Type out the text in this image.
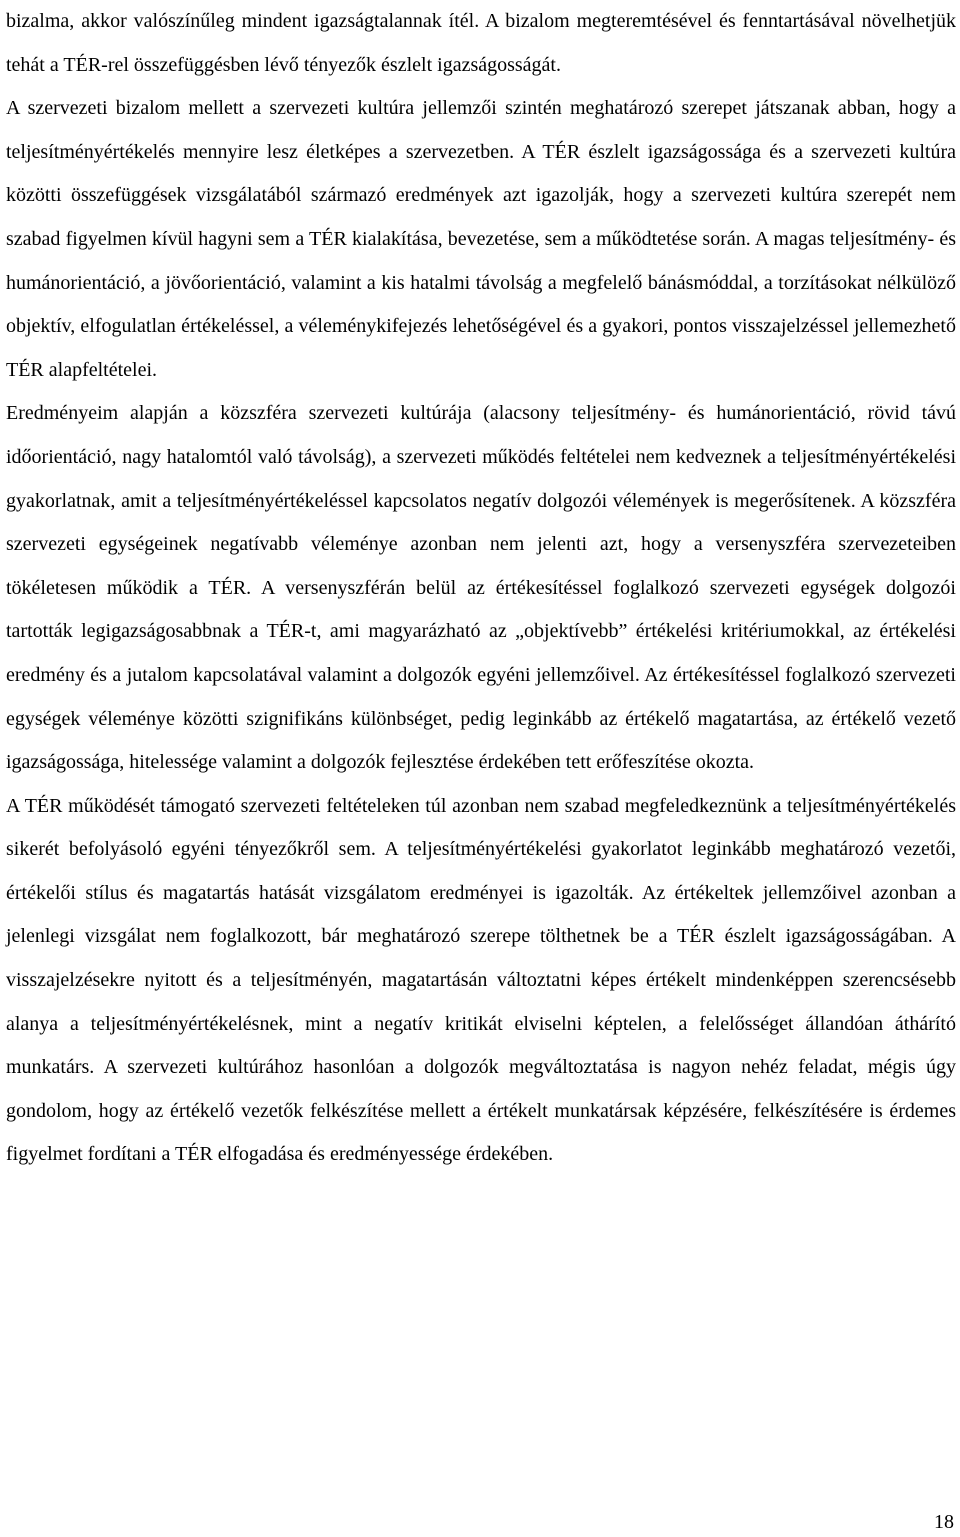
bizalma, akkor valószínűleg mindent igazságtalannak ítél. A bizalom megteremtésével és fenntartásával növelhetjük tehát a TÉR-rel összefüggésben lévő tényezők észlelt igazságosságát.

A szervezeti bizalom mellett a szervezeti kultúra jellemzői szintén meghatározó szerepet játszanak abban, hogy a teljesítményértékelés mennyire lesz életképes a szervezetben. A TÉR észlelt igazságossága és a szervezeti kultúra közötti összefüggések vizsgálatából származó eredmények azt igazolják, hogy a szervezeti kultúra szerepét nem szabad figyelmen kívül hagyni sem a TÉR kialakítása, bevezetése, sem a működtetése során. A magas teljesítmény- és humánorientáció, a jövőorientáció, valamint a kis hatalmi távolság a megfelelő bánásmóddal, a torzításokat nélkülöző objektív, elfogulatlan értékeléssel, a véleménykifejezés lehetőségével és a gyakori, pontos visszajelzéssel jellemezhető TÉR alapfeltételei.

Eredményeim alapján a közszféra szervezeti kultúrája (alacsony teljesítmény- és humánorientáció, rövid távú időorientáció, nagy hatalomtól való távolság), a szervezeti működés feltételei nem kedveznek a teljesítményértékelési gyakorlatnak, amit a teljesítményértékeléssel kapcsolatos negatív dolgozói vélemények is megerősítenek. A közszféra szervezeti egységeinek negatívabb véleménye azonban nem jelenti azt, hogy a versenyszféra szervezeteiben tökéletesen működik a TÉR. A versenyszférán belül az értékesítéssel foglalkozó szervezeti egységek dolgozói tartották legigazságosabbnak a TÉR-t, ami magyarázható az „objektívebb” értékelési kritériumokkal, az értékelési eredmény és a jutalom kapcsolatával valamint a dolgozók egyéni jellemzőivel. Az értékesítéssel foglalkozó szervezeti egységek véleménye közötti szignifikáns különbséget, pedig leginkább az értékelő magatartása, az értékelő vezető igazságossága, hitelessége valamint a dolgozók fejlesztése érdekében tett erőfeszítése okozta.

A TÉR működését támogató szervezeti feltételeken túl azonban nem szabad megfeledkeznünk a teljesítményértékelés sikerét befolyásoló egyéni tényezőkről sem. A teljesítményértékelési gyakorlatot leginkább meghatározó vezetői, értékelői stílus és magatartás hatását vizsgálatom eredményei is igazolták. Az értékeltek jellemzőivel azonban a jelenlegi vizsgálat nem foglalkozott, bár meghatározó szerepe tölthetnek be a TÉR észlelt igazságosságában. A visszajelzésekre nyitott és a teljesítményén, magatartásán változtatni képes értékelt mindenképpen szerencsésebb alanya a teljesítményértékelésnek, mint a negatív kritikát elviselni képtelen, a felelősséget állandóan áthárító munkatárs. A szervezeti kultúrához hasonlóan a dolgozók megváltoztatása is nagyon nehéz feladat, mégis úgy gondolom, hogy az értékelő vezetők felkészítése mellett a értékelt munkatársak képzésére, felkészítésére is érdemes figyelmet fordítani a TÉR elfogadása és eredményessége érdekében.

18
